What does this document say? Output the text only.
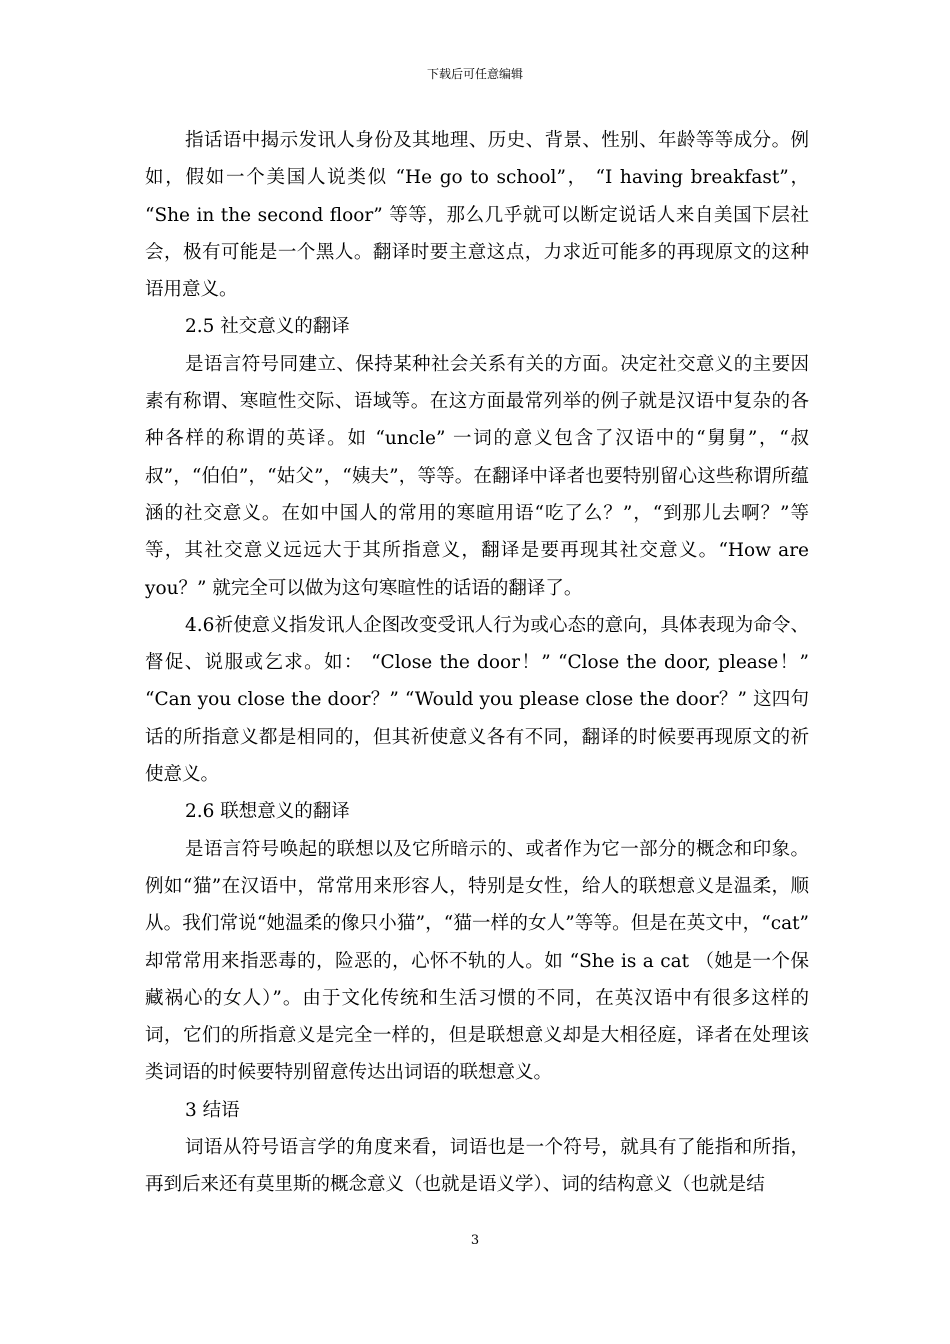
下载后可任意编辑

指话语中揭示发讯人身份及其地理、历史、背景、性别、年龄等等成分。例如，假如一个美国人说类似 “He go to school”， “I having breakfast”， “She in the second floor” 等等，那么几乎就可以断定说话人来自美国下层社会，极有可能是一个黑人。翻译时要主意这点，力求近可能多的再现原文的这种语用意义。

2.5 社交意义的翻译

是语言符号同建立、保持某种社会关系有关的方面。决定社交意义的主要因素有称谓、寒暄性交际、语域等。在这方面最常列举的例子就是汉语中复杂的各种各样的称谓的英译。如 “uncle” 一词的意义包含了汉语中的“舅舅”，“叔叔”，“伯伯”，“姑父”，“姨夫”，等等。在翻译中译者也要特别留心这些称谓所蕴涵的社交意义。在如中国人的常用的寒暄用语“吃了么？”，“到那儿去啊？”等等，其社交意义远远大于其所指意义，翻译是要再现其社交意义。“How are you？” 就完全可以做为这句寒暄性的话语的翻译了。

4.6祈使意义指发讯人企图改变受讯人行为或心态的意向，具体表现为命令、督促、说服或乞求。如： “Close the door！” “Close the door, please！” “Can you close the door？” “Would you please close the door？” 这四句话的所指意义都是相同的，但其祈使意义各有不同，翻译的时候要再现原文的祈使意义。

2.6 联想意义的翻译

是语言符号唤起的联想以及它所暗示的、或者作为它一部分的概念和印象。例如“猫”在汉语中，常常用来形容人，特别是女性，给人的联想意义是温柔，顺从。我们常说“她温柔的像只小猫”，“猫一样的女人”等等。但是在英文中，“cat” 却常常用来指恶毒的，险恶的，心怀不轨的人。如 “She is a cat （她是一个保藏祸心的女人）”。由于文化传统和生活习惯的不同，在英汉语中有很多这样的词，它们的所指意义是完全一样的，但是联想意义却是大相径庭，译者在处理该类词语的时候要特别留意传达出词语的联想意义。

3 结语

词语从符号语言学的角度来看，词语也是一个符号，就具有了能指和所指，再到后来还有莫里斯的概念意义（也就是语义学）、词的结构意义（也就是结

3
